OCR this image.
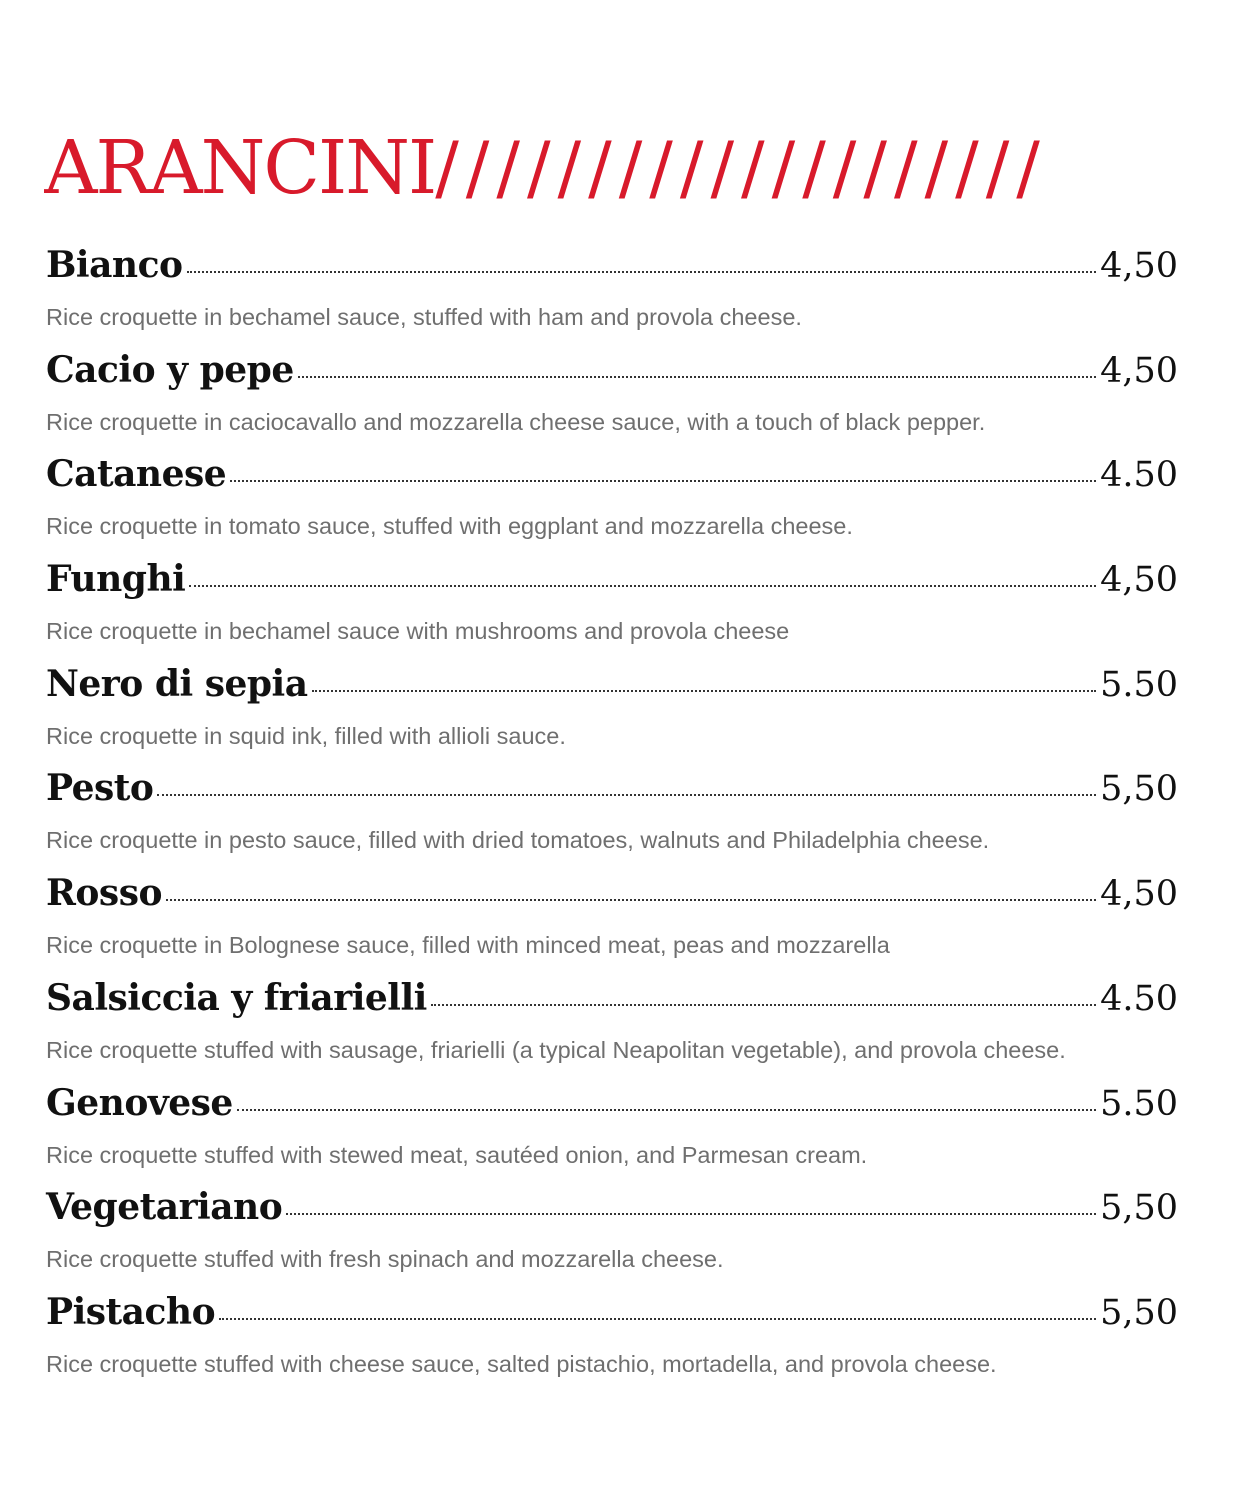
ARANCINI////////////////////
Bianco	4,50
Rice croquette in bechamel sauce, stuffed with ham and provola cheese.
Cacio y pepe	4,50
Rice croquette in caciocavallo and mozzarella cheese sauce, with a touch of black pepper.
Catanese	4.50
Rice croquette in tomato sauce, stuffed with eggplant and mozzarella cheese.
Funghi	4,50
Rice croquette in bechamel sauce with mushrooms and provola cheese
Nero di sepia	5.50
Rice croquette in squid ink, filled with allioli sauce.
Pesto	5,50
Rice croquette in pesto sauce, filled with dried tomatoes, walnuts and Philadelphia cheese.
Rosso	4,50
Rice croquette in Bolognese sauce, filled with minced meat, peas and mozzarella
Salsiccia y friarielli	4.50
Rice croquette stuffed with sausage, friarielli (a typical Neapolitan vegetable), and provola cheese.
Genovese	5.50
Rice croquette stuffed with stewed meat, sautéed onion, and Parmesan cream.
Vegetariano	5,50
Rice croquette stuffed with fresh spinach and mozzarella cheese.
Pistacho	5,50
Rice croquette stuffed with cheese sauce, salted pistachio, mortadella, and provola cheese.
